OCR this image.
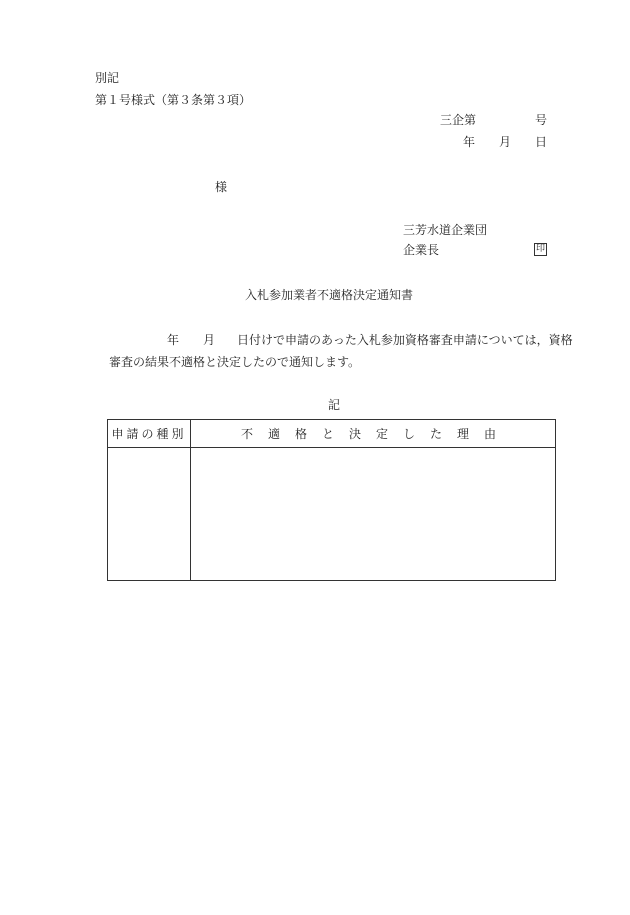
別記
第１号様式（第３条第３項）
三企第	号
年 月 日
様
三芳水道企業団
企業長	印
入札参加業者不適格決定通知書
年 月 日付けで申請のあった入札参加資格審査申請については，資格
審査の結果不適格と決定したので通知します。
記
申請の種別	不適格と決定した理由
